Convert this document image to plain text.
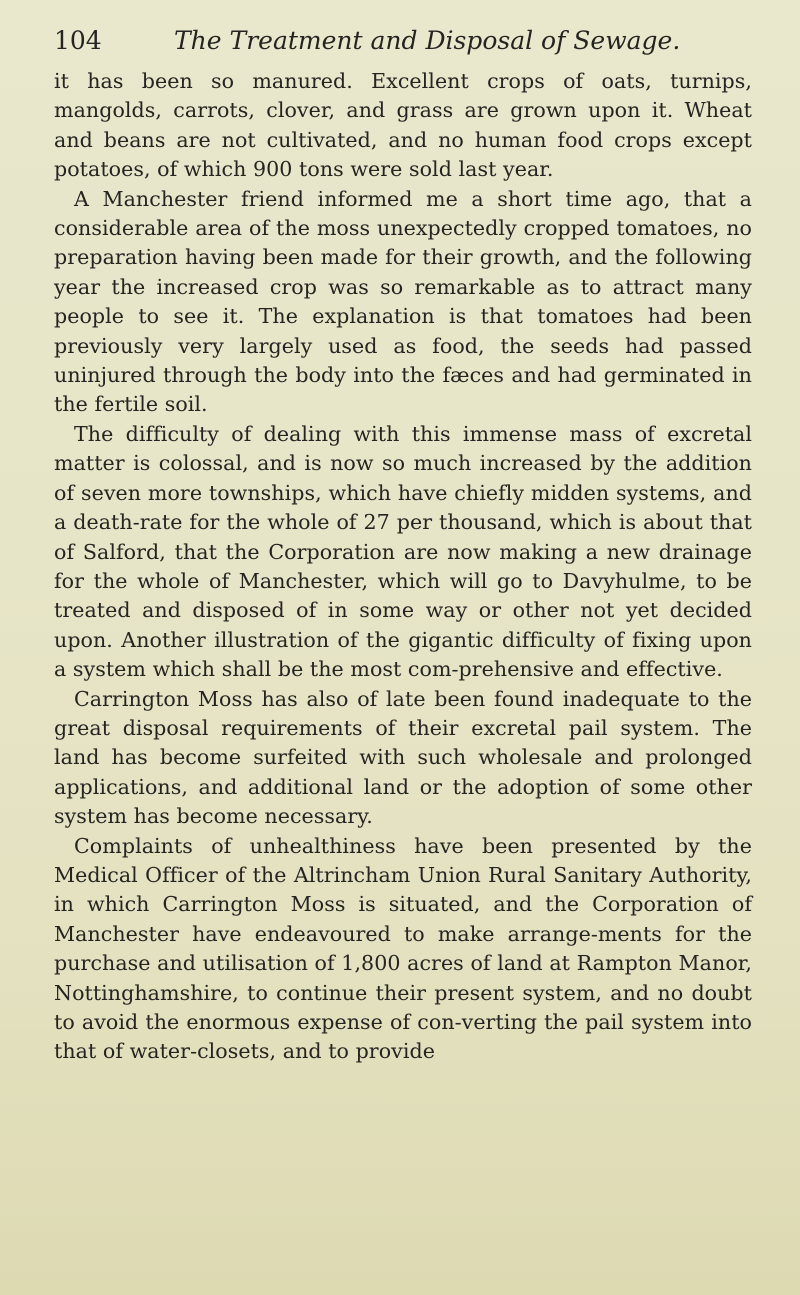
104	The Treatment and Disposal of Sewage.

it has been so manured. Excellent crops of oats, turnips, mangolds, carrots, clover, and grass are grown upon it. Wheat and beans are not cultivated, and no human food crops except potatoes, of which 900 tons were sold last year.

A Manchester friend informed me a short time ago, that a considerable area of the moss unexpectedly cropped tomatoes, no preparation having been made for their growth, and the following year the increased crop was so remarkable as to attract many people to see it. The explanation is that tomatoes had been previously very largely used as food, the seeds had passed uninjured through the body into the fæces and had germinated in the fertile soil.

The difficulty of dealing with this immense mass of excretal matter is colossal, and is now so much increased by the addition of seven more townships, which have chiefly midden systems, and a death-rate for the whole of 27 per thousand, which is about that of Salford, that the Corporation are now making a new drainage for the whole of Manchester, which will go to Davyhulme, to be treated and disposed of in some way or other not yet decided upon. Another illustration of the gigantic difficulty of fixing upon a system which shall be the most com-prehensive and effective.

Carrington Moss has also of late been found inadequate to the great disposal requirements of their excretal pail system. The land has become surfeited with such wholesale and prolonged applications, and additional land or the adoption of some other system has become necessary.

Complaints of unhealthiness have been presented by the Medical Officer of the Altrincham Union Rural Sanitary Authority, in which Carrington Moss is situated, and the Corporation of Manchester have endeavoured to make arrange-ments for the purchase and utilisation of 1,800 acres of land at Rampton Manor, Nottinghamshire, to continue their present system, and no doubt to avoid the enormous expense of con-verting the pail system into that of water-closets, and to provide
